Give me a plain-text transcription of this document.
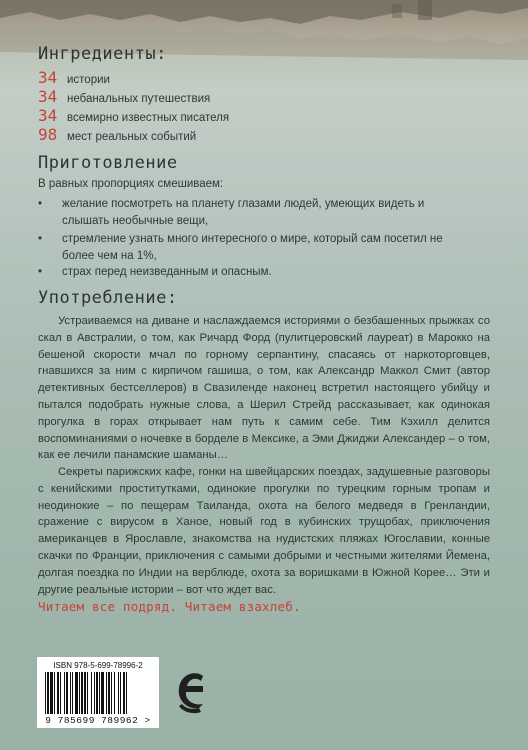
Ингредиенты:
34 истории
34 небанальных путешествия
34 всемирно известных писателя
98 мест реальных событий
Приготовление
В равных пропорциях смешиваем:
• желание посмотреть на планету глазами людей, умеющих видеть и слышать необычные вещи,
• стремление узнать много интересного о мире, который сам посетил не более чем на 1%,
• страх перед неизведанным и опасным.
Употребление:
Устраиваемся на диване и наслаждаемся историями о безбашенных прыжках со скал в Австралии, о том, как Ричард Форд (пулитцеровский лауреат) в Марокко на бешеной скорости мчал по горному серпантину, спасаясь от наркоторговцев, гнавшихся за ним с кирпичом гашиша, о том, как Александр Маккол Смит (автор детективных бестселлеров) в Свазиленде наконец встретил настоящего убийцу и пытался подобрать нужные слова, а Шерил Стрейд рассказывает, как одинокая прогулка в горах открывает нам путь к самим себе. Тим Кэхилл делится воспоминаниями о ночевке в борделе в Мексике, а Эми Джиджи Александер – о том, как ее лечили панамские шаманы…
Секреты парижских кафе, гонки на швейцарских поездах, задушевные разговоры с кенийскими проститутками, одинокие прогулки по турецким горным тропам и неодинокие – по пещерам Таиланда, охота на белого медведя в Гренландии, сражение с вирусом в Ханое, новый год в кубинских трущобах, приключения американцев в Ярославле, знакомства на нудистских пляжах Югославии, конные скачки по Франции, приключения с самыми добрыми и честными жителями Йемена, долгая поездка по Индии на верблюде, охота за воришками в Южной Корее… Эти и другие реальные истории – вот что ждет вас.
Читаем все подряд. Читаем взахлеб.
ISBN 978-5-699-78996-2
9 785699 789962 >
